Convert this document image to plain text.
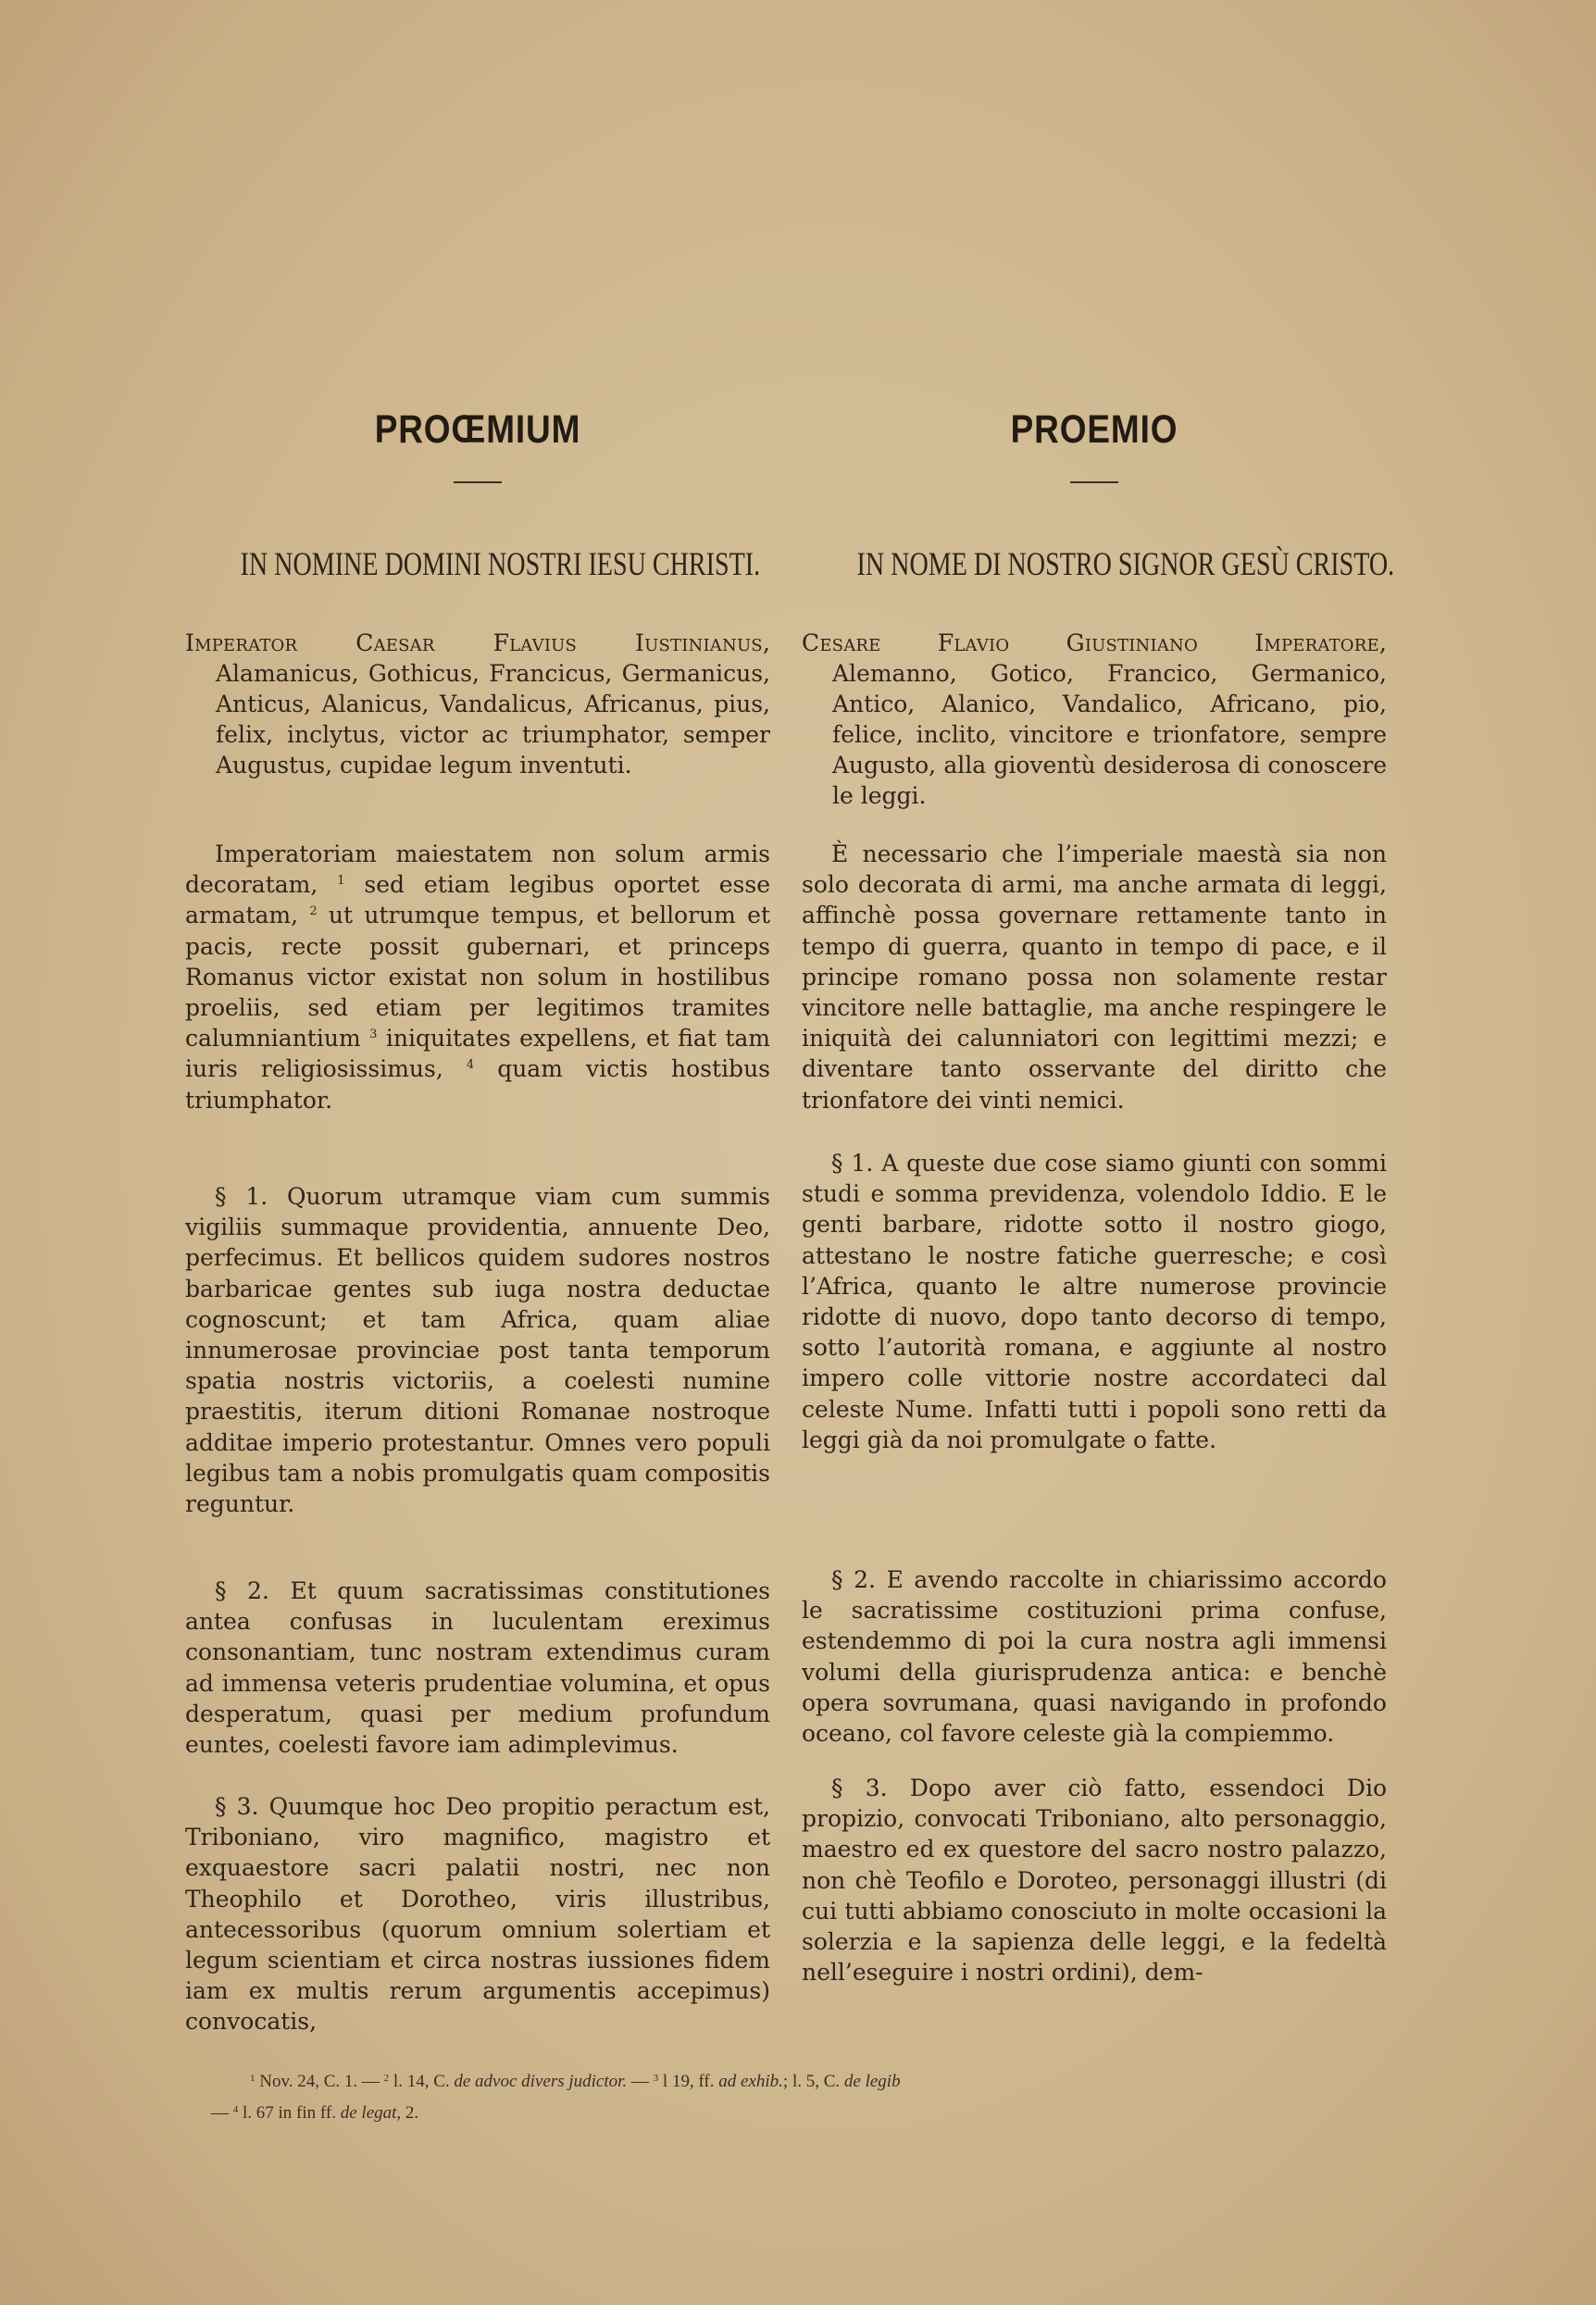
PROŒMIUM
IN NOMINE DOMINI NOSTRI IESU CHRISTI.
Imperator Caesar Flavius Iustinianus,
Alamanicus, Gothicus, Francicus, Germanicus, Anticus, Alanicus, Vandalicus, Africanus, pius, felix, inclytus, victor ac triumphator, semper Augustus, cupidae legum inventuti.
Imperatoriam maiestatem non solum armis decoratam, $^1$ sed etiam legibus oportet esse armatam, $^2$ ut utrumque tempus, et bellorum et pacis, recte possit gubernari, et princeps Romanus victor existat non solum in hostilibus proeliis, sed etiam per legitimos tramites calumniantium $^3$ iniquitates expellens, et fiat tam iuris religiosissimus, $^4$ quam victis hostibus triumphator.
§ 1. Quorum utramque viam cum summis vigiliis summaque providentia, annuente Deo, perfecimus. Et bellicos quidem sudores nostros barbaricae gentes sub iuga nostra deductae cognoscunt; et tam Africa, quam aliae innumerosae provinciae post tanta temporum spatia nostris victoriis, a coelesti numine praestitis, iterum ditioni Romanae nostroque additae imperio protestantur. Omnes vero populi legibus tam a nobis promulgatis quam compositis reguntur.
§ 2. Et quum sacratissimas constitutiones antea confusas in luculentam ereximus consonantiam, tunc nostram extendimus curam ad immensa veteris prudentiae volumina, et opus desperatum, quasi per medium profundum euntes, coelesti favore iam adimplevimus.
§ 3. Quumque hoc Deo propitio peractum est, Triboniano, viro magnifico, magistro et exquaestore sacri palatii nostri, nec non Theophilo et Dorotheo, viris illustribus, antecessoribus (quorum omnium solertiam et legum scientiam et circa nostras iussiones fidem iam ex multis rerum argumentis accepimus) convocatis,
PROEMIO
IN NOME DI NOSTRO SIGNOR GESÙ CRISTO.
Cesare Flavio Giustiniano Imperatore,
Alemanno, Gotico, Francico, Germanico, Antico, Alanico, Vandalico, Africano, pio, felice, inclito, vincitore e trionfatore, sempre Augusto, alla gioventù desiderosa di conoscere le leggi.
È necessario che l’imperiale maestà sia non solo decorata di armi, ma anche armata di leggi, affinchè possa governare rettamente tanto in tempo di guerra, quanto in tempo di pace, e il principe romano possa non solamente restar vincitore nelle battaglie, ma anche respingere le iniquità dei calunniatori con legittimi mezzi; e diventare tanto osservante del diritto che trionfatore dei vinti nemici.
§ 1. A queste due cose siamo giunti con sommi studi e somma previdenza, volendolo Iddio. E le genti barbare, ridotte sotto il nostro giogo, attestano le nostre fatiche guerresche; e così l’Africa, quanto le altre numerose provincie ridotte di nuovo, dopo tanto decorso di tempo, sotto l’autorità romana, e aggiunte al nostro impero colle vittorie nostre accordateci dal celeste Nume. Infatti tutti i popoli sono retti da leggi già da noi promulgate o fatte.
§ 2. E avendo raccolte in chiarissimo accordo le sacratissime costituzioni prima confuse, estendemmo di poi la cura nostra agli immensi volumi della giurisprudenza antica: e benchè opera sovrumana, quasi navigando in profondo oceano, col favore celeste già la compiemmo.
§ 3. Dopo aver ciò fatto, essendoci Dio propizio, convocati Triboniano, alto personaggio, maestro ed ex questore del sacro nostro palazzo, non chè Teofilo e Doroteo, personaggi illustri (di cui tutti abbiamo conosciuto in molte occasioni la solerzia e la sapienza delle leggi, e la fedeltà nell’eseguire i nostri ordini), dem-
$^1$ Nov. 24, C. 1. — $^2$ l. 14, C. de advoc divers judictor. — $^3$ l 19, ff. ad exhib.; l. 5, C. de legib
— $^4$ l. 67 in fin ff. de legat, 2.
